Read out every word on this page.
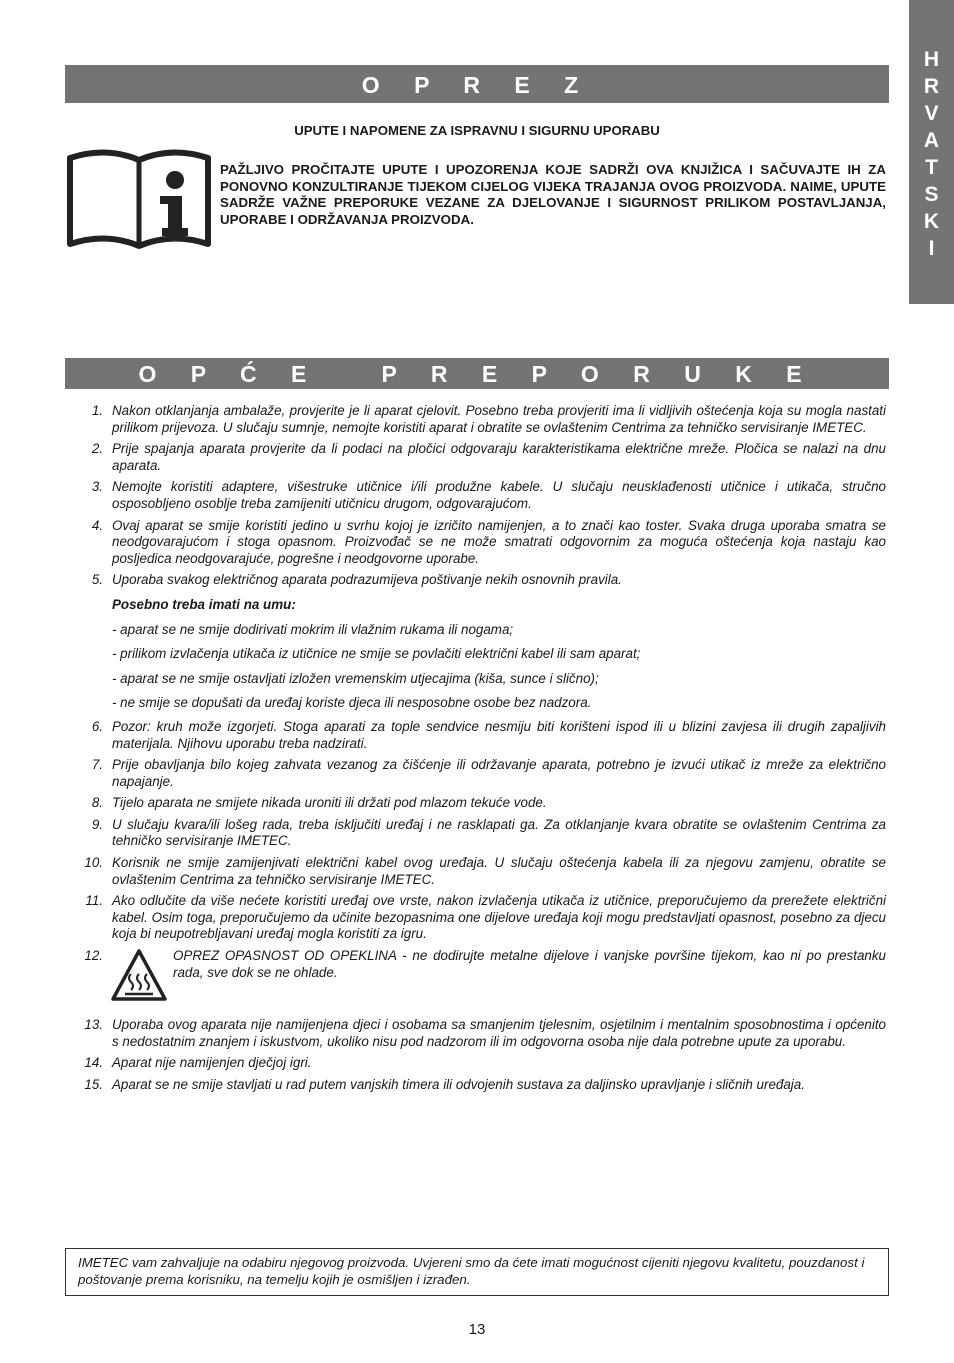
H
R
V
A
T
S
K
I
O P R E Z
UPUTE I NAPOMENE ZA ISPRAVNU I SIGURNU UPORABU
PAŽLJIVO PROČITAJTE UPUTE I UPOZORENJA KOJE SADRŽI OVA KNJIŽICA I SAČUVAJTE IH ZA PONOVNO KONZULTIRANJE TIJEKOM CIJELOG VIJEKA TRAJANJA OVOG PROIZVODA. NAIME, UPUTE SADRŽE VAŽNE PREPORUKE VEZANE ZA DJELOVANJE I SIGURNOST PRILIKOM POSTAVLJANJA, UPORABE I ODRŽAVANJA PROIZVODA.
O P Ć E   P R E P O R U K E
1. Nakon otklanjanja ambalaže, provjerite je li aparat cjelovit. Posebno treba provjeriti ima li vidljivih oštećenja koja su mogla nastati prilikom prijevoza. U slučaju sumnje, nemojte koristiti aparat i obratite se ovlaštenim Centrima za tehničko servisiranje IMETEC.
2. Prije spajanja aparata provjerite da li podaci na pločici odgovaraju karakteristikama električne mreže. Pločica se nalazi na dnu aparata.
3. Nemojte koristiti adaptere, višestruke utičnice i/ili produžne kabele. U slučaju neusklađenosti utičnice i utikača, stručno osposobljeno osoblje treba zamijeniti utičnicu drugom, odgovarajućom.
4. Ovaj aparat se smije koristiti jedino u svrhu kojoj je izričito namijenjen, a to znači kao toster. Svaka druga uporaba smatra se neodgovarajućom i stoga opasnom. Proizvođač se ne može smatrati odgovornim za moguća oštećenja koja nastaju kao posljedica neodgovarajuće, pogrešne i neodgovorne uporabe.
5. Uporaba svakog električnog aparata podrazumijeva poštivanje nekih osnovnih pravila.
Posebno treba imati na umu:
- aparat se ne smije dodirivati mokrim ili vlažnim rukama ili nogama;
- prilikom izvlačenja utikača iz utičnice ne smije se povlačiti električni kabel ili sam aparat;
- aparat se ne smije ostavljati izložen vremenskim utjecajima (kiša, sunce i slično);
- ne smije se dopušati da uređaj koriste djeca ili nesposobne osobe bez nadzora.
6. Pozor: kruh može izgorjeti. Stoga aparati za tople sendvice nesmiju biti korišteni ispod ili u blizini zavjesa ili drugih zapaljivih materijala. Njihovu uporabu treba nadzirati.
7. Prije obavljanja bilo kojeg zahvata vezanog za čišćenje ili održavanje aparata, potrebno je izvući utikač iz mreže za električno napajanje.
8. Tijelo aparata ne smijete nikada uroniti ili držati pod mlazom tekuće vode.
9. U slučaju kvara/ili lošeg rada, treba isključiti uređaj i ne rasklapati ga. Za otklanjanje kvara obratite se ovlaštenim Centrima za tehničko servisiranje IMETEC.
10. Korisnik ne smije zamijenjivati električni kabel ovog uređaja. U slučaju oštećenja kabela ili za njegovu zamjenu, obratite se ovlaštenim Centrima za tehničko servisiranje IMETEC.
11. Ako odlučite da više nećete koristiti uređaj ove vrste, nakon izvlačenja utikača iz utičnice, preporučujemo da prerežete električni kabel. Osim toga, preporučujemo da učinite bezopasnima one dijelove uređaja koji mogu predstavljati opasnost, posebno za djecu koja bi neupotrebljavani uređaj mogla koristiti za igru.
12.	OPREZ OPASNOST OD OPEKLINA - ne dodirujte metalne dijelove i vanjske površine tijekom, kao ni po prestanku rada, sve dok se ne ohlade.
13. Uporaba ovog aparata nije namijenjena djeci i osobama sa smanjenim tjelesnim, osjetilnim i mentalnim sposobnostima i općenito s nedostatnim znanjem i iskustvom, ukoliko nisu pod nadzorom ili im odgovorna osoba nije dala potrebne upute za uporabu.
14. Aparat nije namijenjen dječjoj igri.
15. Aparat se ne smije stavljati u rad putem vanjskih timera ili odvojenih sustava za daljinsko upravljanje i sličnih uređaja.
IMETEC vam zahvaljuje na odabiru njegovog proizvoda. Uvjereni smo da ćete imati mogućnost cijeniti njegovu kvalitetu, pouzdanost i poštovanje prema korisniku, na temelju kojih je osmišljen i izrađen.
13
